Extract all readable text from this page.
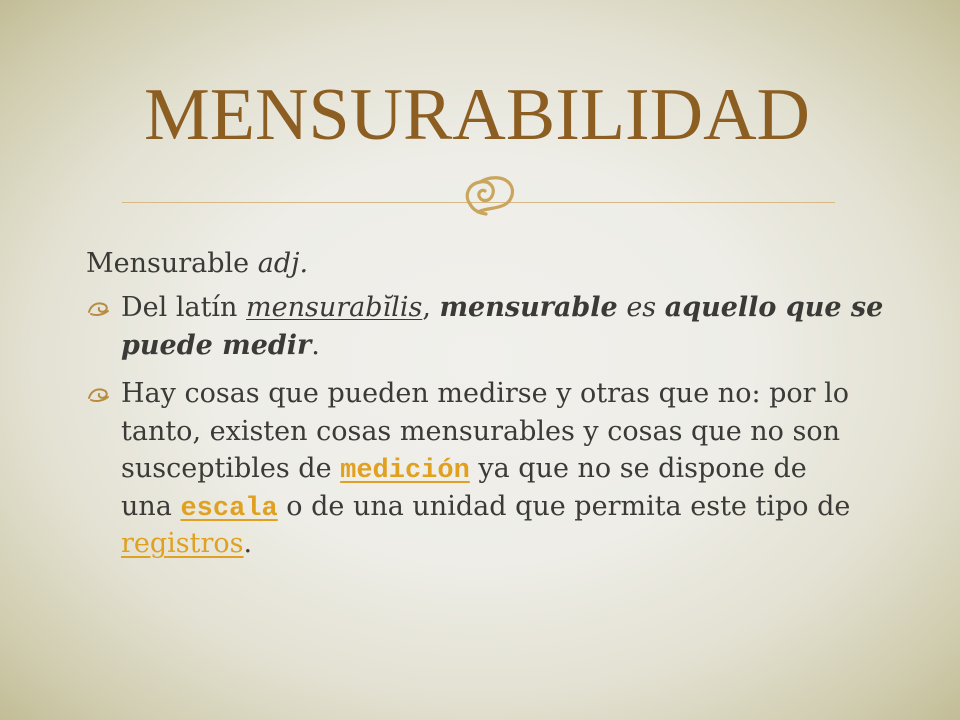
MENSURABILIDAD
Mensurable adj.
Del latín mensurabĭlis , mensurable es aquello que se
puede medir .
Hay cosas que pueden medirse y otras que no: por lo
tanto, existen cosas mensurables y cosas que no son
susceptibles de medición ya que no se dispone de
una escala o de una unidad que permita este tipo de
registros .
